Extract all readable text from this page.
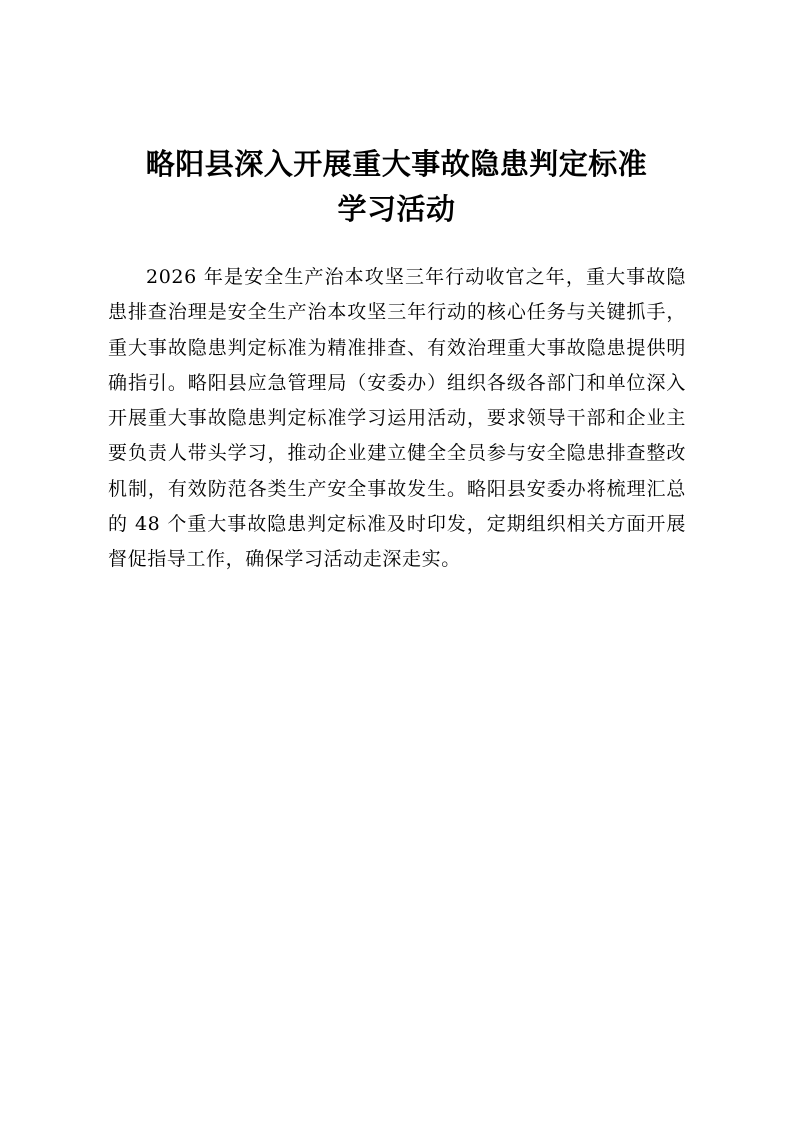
略阳县深入开展重大事故隐患判定标准
学习活动

2026 年是安全生产治本攻坚三年行动收官之年，重大事故隐患排查治理是安全生产治本攻坚三年行动的核心任务与关键抓手，重大事故隐患判定标准为精准排查、有效治理重大事故隐患提供明确指引。略阳县应急管理局（安委办）组织各级各部门和单位深入开展重大事故隐患判定标准学习运用活动，要求领导干部和企业主要负责人带头学习，推动企业建立健全全员参与安全隐患排查整改机制，有效防范各类生产安全事故发生。略阳县安委办将梳理汇总的 48 个重大事故隐患判定标准及时印发，定期组织相关方面开展督促指导工作，确保学习活动走深走实。
